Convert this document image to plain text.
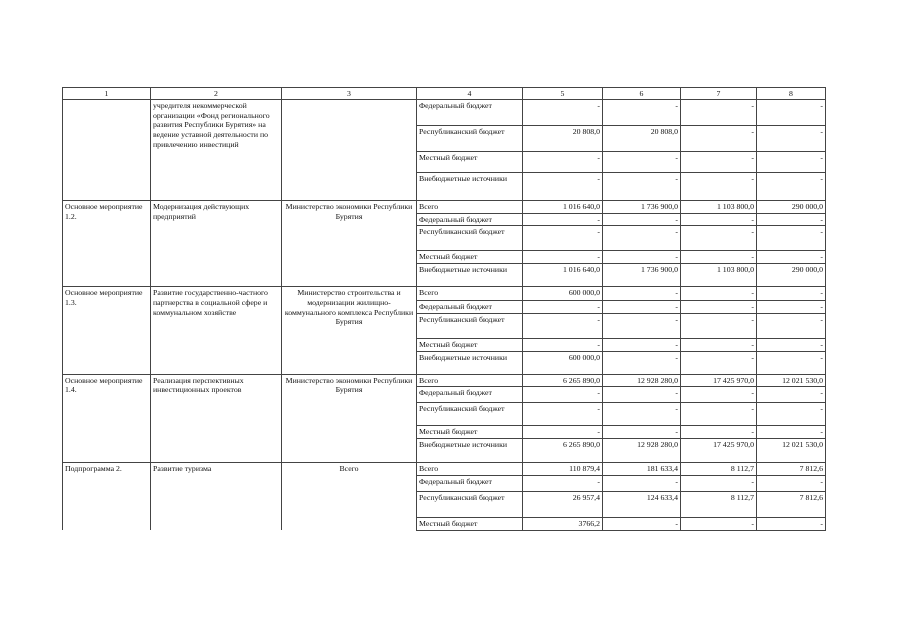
1	2	3	4	5	6	7	8
	учредителя некоммерческой организации «Фонд регионального развития Республики Бурятия» на ведение уставной деятельности по привлечению инвестиций		Федеральный бюджет	-	-	-	-
			Республиканский бюджет	20 808,0	20 808,0	-	-
			Местный бюджет	-	-	-	-
			Внебюджетные источники	-	-	-	-
Основное мероприятие 1.2.	Модернизация действующих предприятий	Министерство экономики Республики Бурятия	Всего	1 016 640,0	1 736 900,0	1 103 800,0	290 000,0
			Федеральный бюджет	-	-	-	-
			Республиканский бюджет	-	-	-	-
			Местный бюджет	-	-	-	-
			Внебюджетные источники	1 016 640,0	1 736 900,0	1 103 800,0	290 000,0
Основное мероприятие 1.3.	Развитие государственно-частного партнерства в социальной сфере и коммунальном хозяйстве	Министерство строительства и модернизации жилищно-коммунального комплекса Республики Бурятия	Всего	600 000,0	-	-	-
			Федеральный бюджет	-	-	-	-
			Республиканский бюджет	-	-	-	-
			Местный бюджет	-	-	-	-
			Внебюджетные источники	600 000,0	-	-	-
Основное мероприятие 1.4.	Реализация перспективных инвестиционных проектов	Министерство экономики Республики Бурятия	Всего	6 265 890,0	12 928 280,0	17 425 970,0	12 021 530,0
			Федеральный бюджет	-	-	-	-
			Республиканский бюджет	-	-	-	-
			Местный бюджет	-	-	-	-
			Внебюджетные источники	6 265 890,0	12 928 280,0	17 425 970,0	12 021 530,0
Подпрограмма 2.	Развитие туризма	Всего	Всего	110 879,4	181 633,4	8 112,7	7 812,6
			Федеральный бюджет	-	-	-	-
			Республиканский бюджет	26 957,4	124 633,4	8 112,7	7 812,6
			Местный бюджет	3766,2	-	-	-
